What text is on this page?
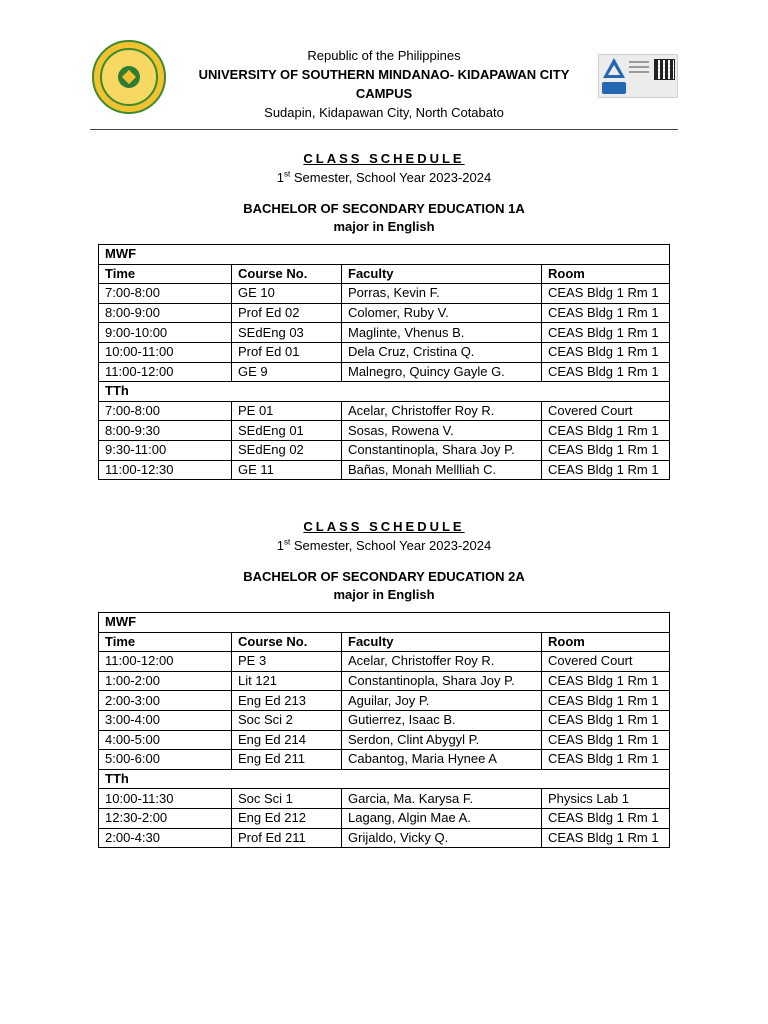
Republic of the Philippines
UNIVERSITY OF SOUTHERN MINDANAO- KIDAPAWAN CITY CAMPUS
Sudapin, Kidapawan City, North Cotabato
CLASS SCHEDULE
1st Semester, School Year 2023-2024
BACHELOR OF SECONDARY EDUCATION 1A
major in English
MWF			
Time	Course No.	Faculty	Room
7:00-8:00	GE 10	Porras, Kevin F.	CEAS Bldg 1 Rm 1
8:00-9:00	Prof Ed 02	Colomer, Ruby V.	CEAS Bldg 1 Rm 1
9:00-10:00	SEdEng 03	Maglinte, Vhenus B.	CEAS Bldg 1 Rm 1
10:00-11:00	Prof Ed 01	Dela Cruz, Cristina Q.	CEAS Bldg 1 Rm 1
11:00-12:00	GE 9	Malnegro, Quincy Gayle G.	CEAS Bldg 1 Rm 1
TTh			
7:00-8:00	PE 01	Acelar, Christoffer Roy R.	Covered Court
8:00-9:30	SEdEng 01	Sosas, Rowena V.	CEAS Bldg 1 Rm 1
9:30-11:00	SEdEng 02	Constantinopla, Shara Joy P.	CEAS Bldg 1 Rm 1
11:00-12:30	GE 11	Bañas, Monah Mellliah C.	CEAS Bldg 1 Rm 1
CLASS SCHEDULE
1st Semester, School Year 2023-2024
BACHELOR OF SECONDARY EDUCATION 2A
major in English
MWF			
Time	Course No.	Faculty	Room
11:00-12:00	PE 3	Acelar, Christoffer Roy R.	Covered Court
1:00-2:00	Lit 121	Constantinopla, Shara Joy P.	CEAS Bldg 1 Rm 1
2:00-3:00	Eng Ed 213	Aguilar, Joy P.	CEAS Bldg 1 Rm 1
3:00-4:00	Soc Sci 2	Gutierrez, Isaac B.	CEAS Bldg 1 Rm 1
4:00-5:00	Eng Ed 214	Serdon, Clint Abygyl P.	CEAS Bldg 1 Rm 1
5:00-6:00	Eng Ed 211	Cabantog, Maria Hynee A	CEAS Bldg 1 Rm 1
TTh			
10:00-11:30	Soc Sci 1	Garcia, Ma. Karysa F.	Physics Lab 1
12:30-2:00	Eng Ed 212	Lagang, Algin Mae A.	CEAS Bldg 1 Rm 1
2:00-4:30	Prof Ed 211	Grijaldo, Vicky Q.	CEAS Bldg 1 Rm 1
